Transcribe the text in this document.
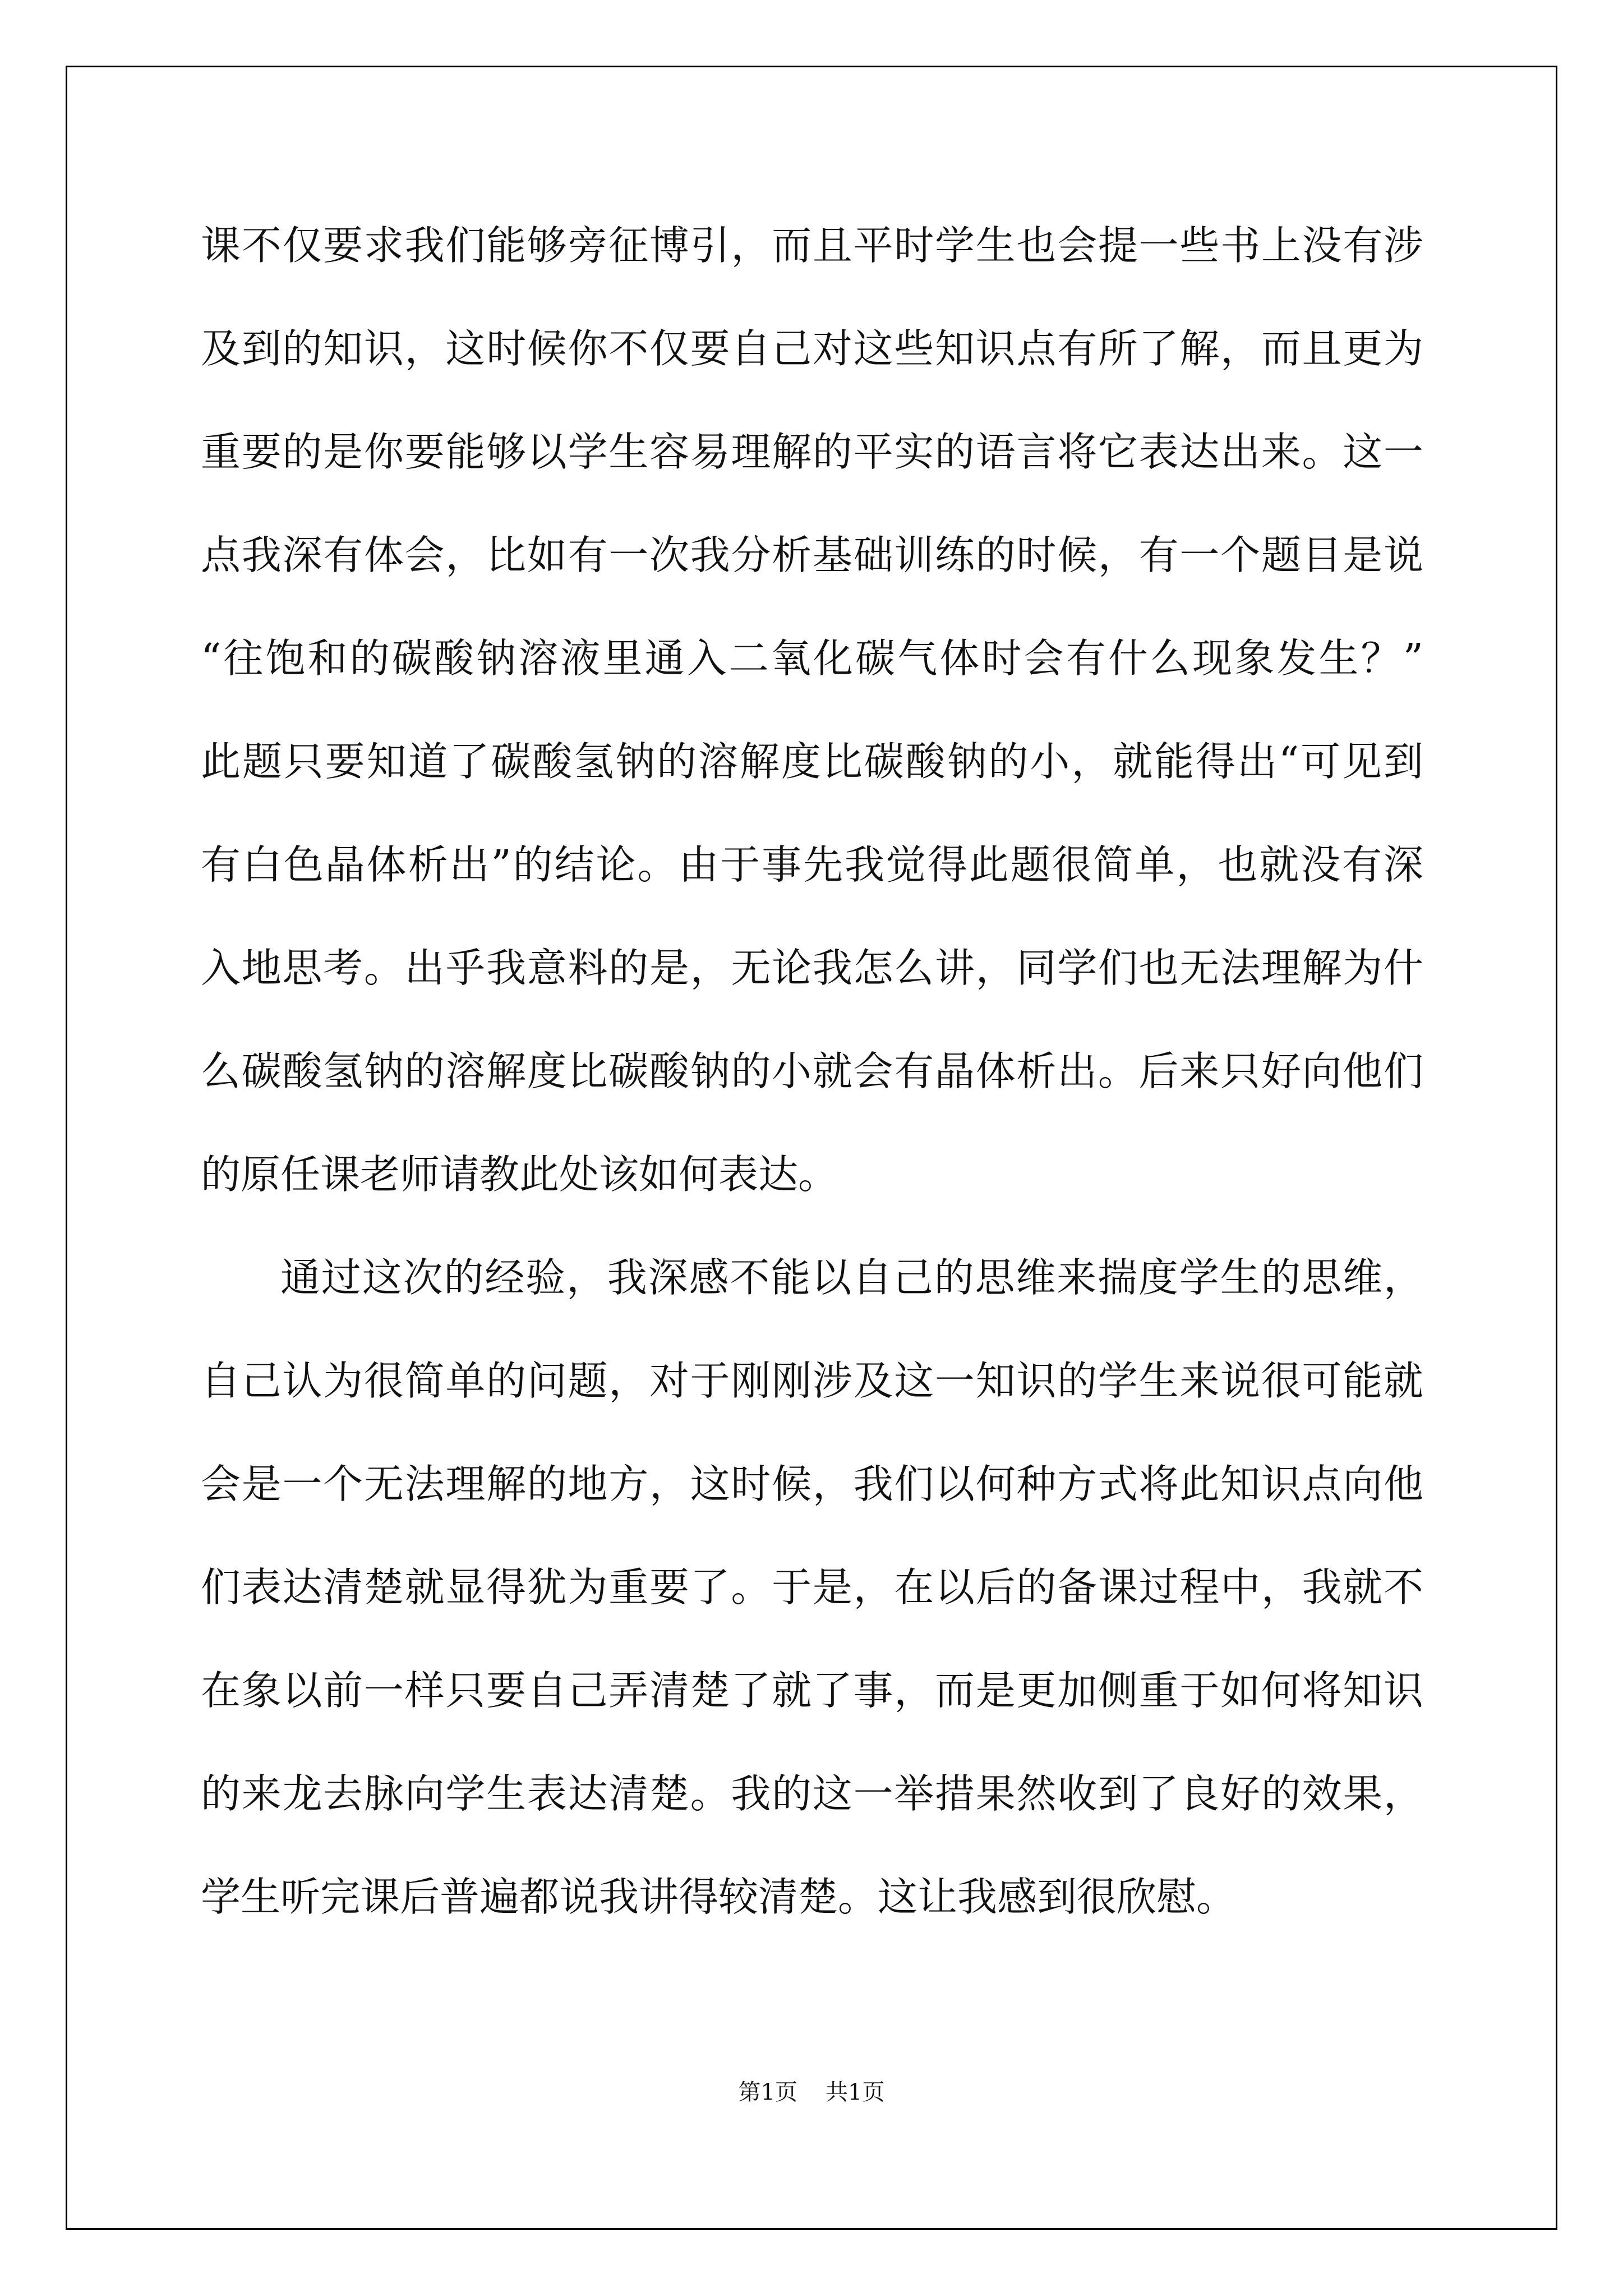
课不仅要求我们能够旁征博引，而且平时学生也会提一些书上没有涉
及到的知识，这时候你不仅要自己对这些知识点有所了解，而且更为
重要的是你要能够以学生容易理解的平实的语言将它表达出来。这一
点我深有体会，比如有一次我分析基础训练的时候，有一个题目是说
“往饱和的碳酸钠溶液里通入二氧化碳气体时会有什么现象发生？”
此题只要知道了碳酸氢钠的溶解度比碳酸钠的小，就能得出“可见到
有白色晶体析出”的结论。由于事先我觉得此题很简单，也就没有深
入地思考。出乎我意料的是，无论我怎么讲，同学们也无法理解为什
么碳酸氢钠的溶解度比碳酸钠的小就会有晶体析出。后来只好向他们
的原任课老师请教此处该如何表达。
通过这次的经验，我深感不能以自己的思维来揣度学生的思维，
自己认为很简单的问题，对于刚刚涉及这一知识的学生来说很可能就
会是一个无法理解的地方，这时候，我们以何种方式将此知识点向他
们表达清楚就显得犹为重要了。于是，在以后的备课过程中，我就不
在象以前一样只要自己弄清楚了就了事，而是更加侧重于如何将知识
的来龙去脉向学生表达清楚。我的这一举措果然收到了良好的效果，
学生听完课后普遍都说我讲得较清楚。这让我感到很欣慰。
第1页 共1页
